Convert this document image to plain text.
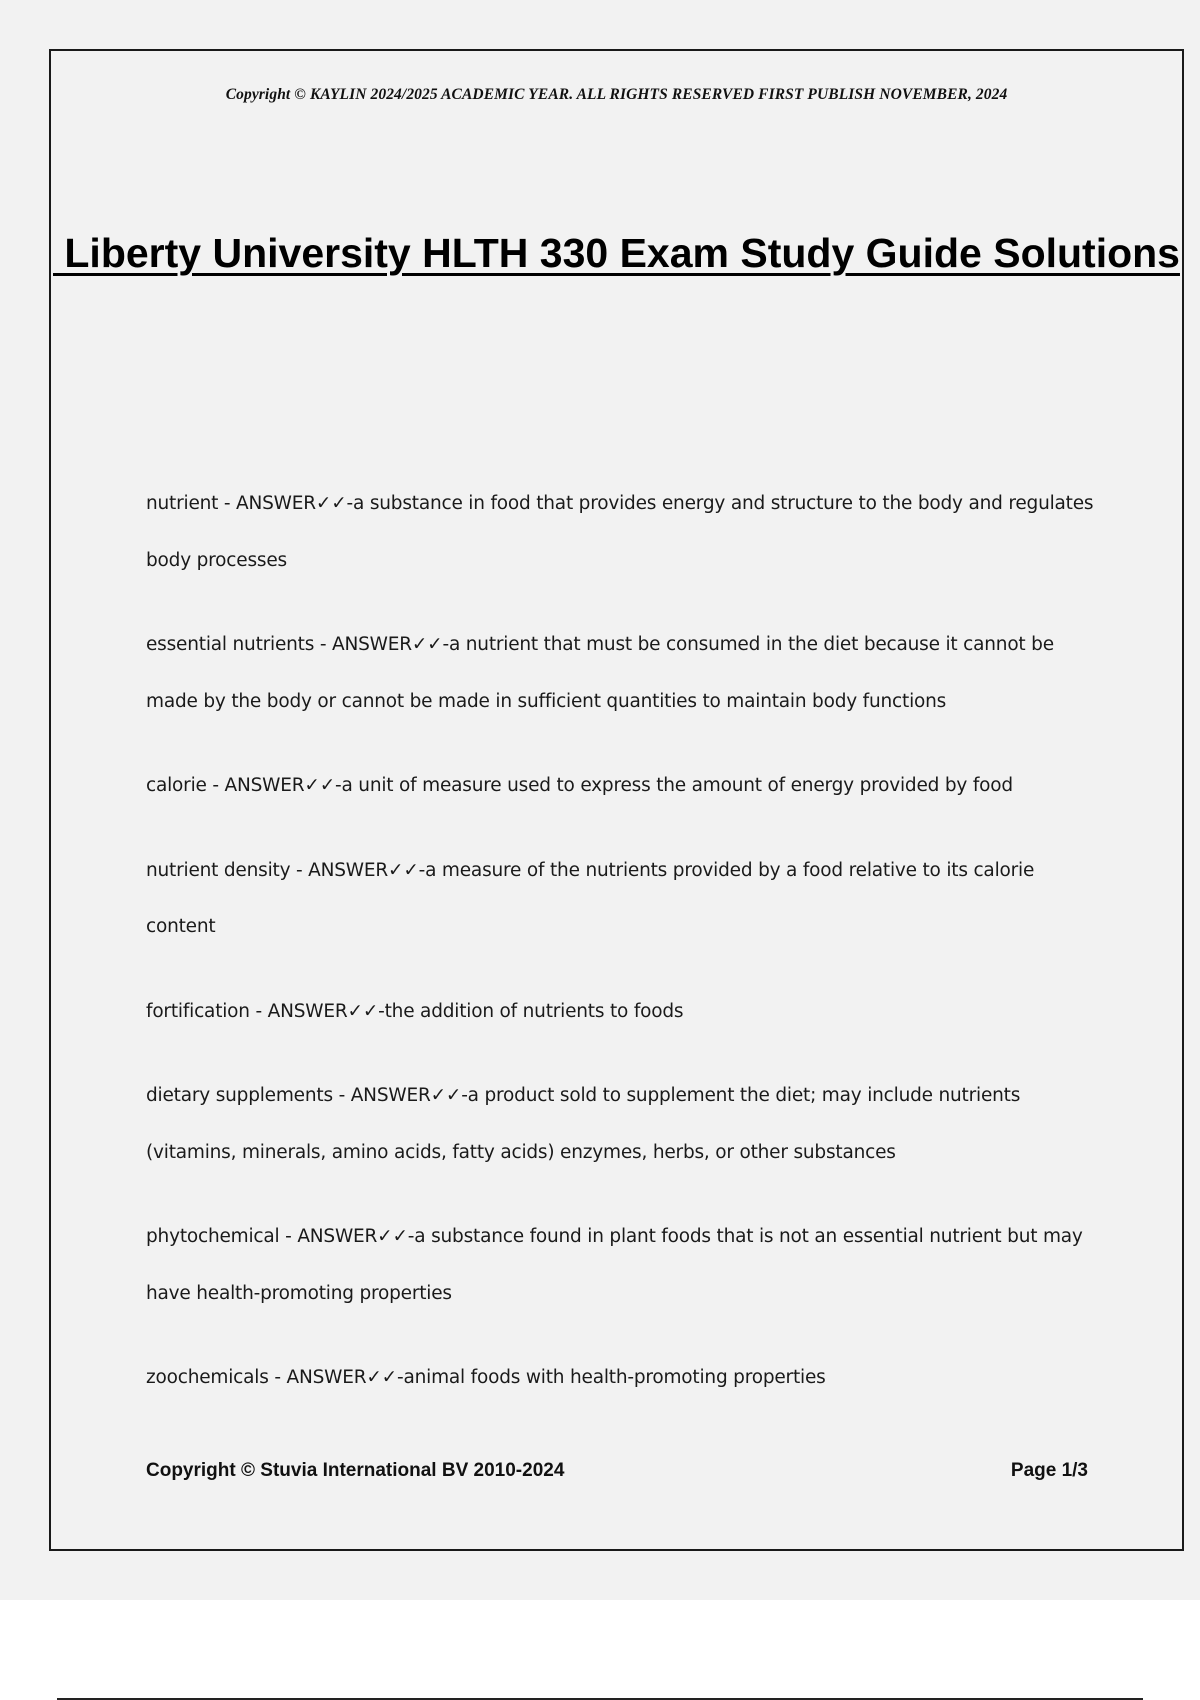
Copyright © KAYLIN 2024/2025 ACADEMIC YEAR. ALL RIGHTS RESERVED FIRST PUBLISH NOVEMBER, 2024
Liberty University HLTH 330 Exam Study Guide Solutions

nutrient - ANSWER✓✓-a substance in food that provides energy and structure to the body and regulates body processes

essential nutrients - ANSWER✓✓-a nutrient that must be consumed in the diet because it cannot be made by the body or cannot be made in sufficient quantities to maintain body functions

calorie - ANSWER✓✓-a unit of measure used to express the amount of energy provided by food

nutrient density - ANSWER✓✓-a measure of the nutrients provided by a food relative to its calorie content

fortification - ANSWER✓✓-the addition of nutrients to foods

dietary supplements - ANSWER✓✓-a product sold to supplement the diet; may include nutrients (vitamins, minerals, amino acids, fatty acids) enzymes, herbs, or other substances

phytochemical - ANSWER✓✓-a substance found in plant foods that is not an essential nutrient but may have health-promoting properties

zoochemicals - ANSWER✓✓-animal foods with health-promoting properties

Copyright © Stuvia International BV 2010-2024	Page 1/3
